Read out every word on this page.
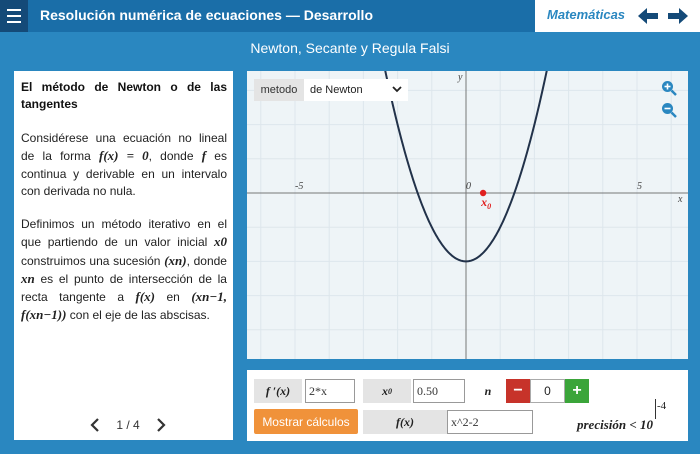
Resolución numérica de ecuaciones — Desarrollo	Matemáticas
Newton, Secante y Regula Falsi
El método de Newton o de las tangentes
Considérese una ecuación no lineal de la forma f(x) = 0, donde f es continua y derivable en un intervalo con derivada no nula.
Definimos un método iterativo en el que partiendo de un valor inicial x0 construimos una sucesión (xn), donde xn es el punto de intersección de la recta tangente a f(x) en (xn−1, f(xn−1)) con el eje de las abscisas.
1 / 4
-5	0	5
x
y
$x_0$
metodo	de Newton
f ′(x)	2*x	x 0	0.50	n	−	0	+
Mostrar cálculos	f(x)	x^2-2	precisión < 10
-4
